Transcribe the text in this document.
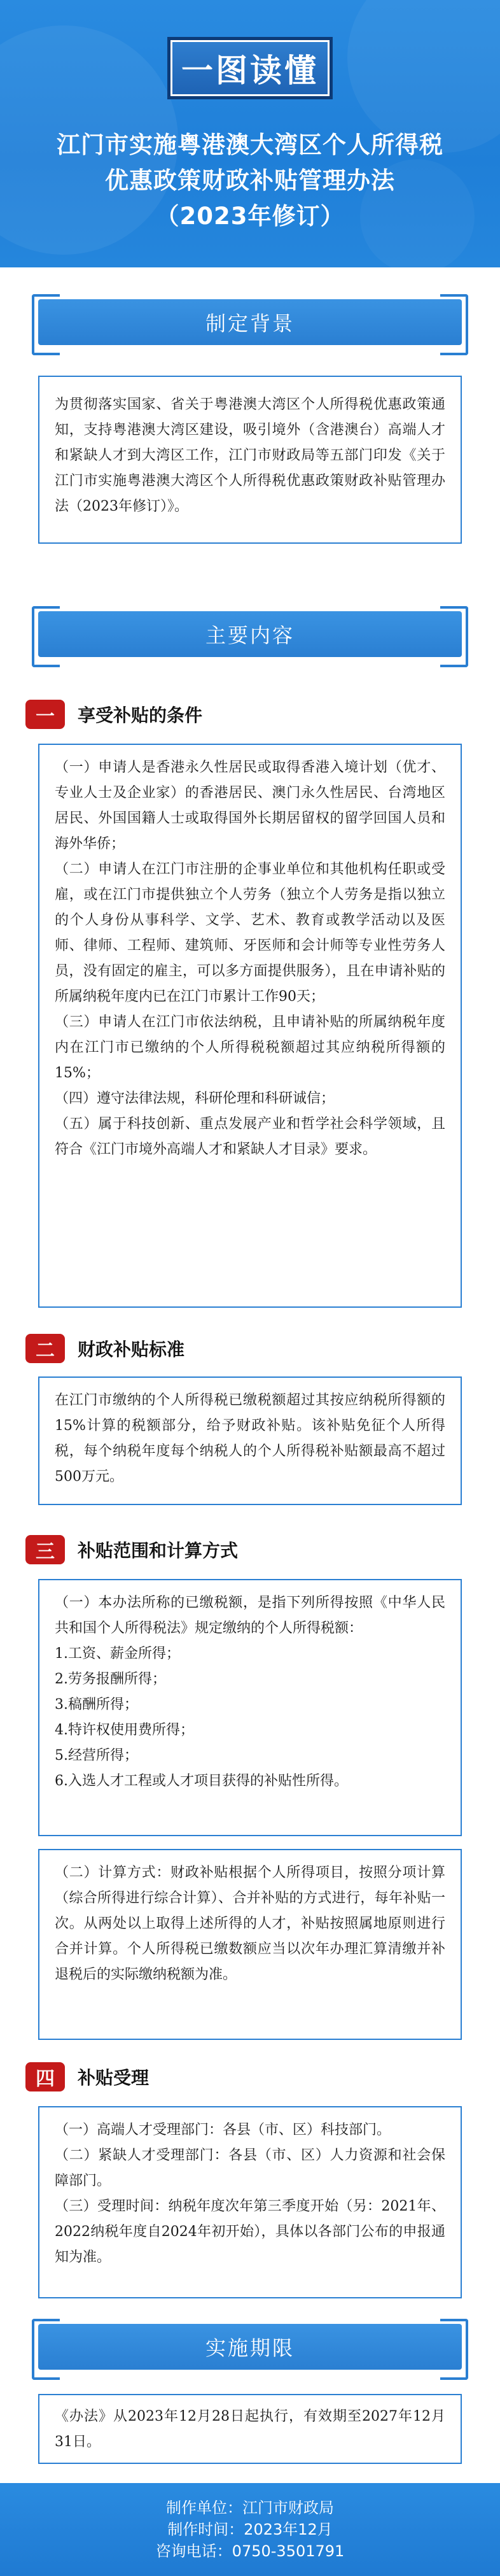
一图读懂
江门市实施粤港澳大湾区个人所得税
优惠政策财政补贴管理办法
（2023年修订）
制定背景

为贯彻落实国家、省关于粤港澳大湾区个人所得税优惠政策通知，支持粤港澳大湾区建设，吸引境外（含港澳台）高端人才和紧缺人才到大湾区工作，江门市财政局等五部门印发《关于江门市实施粤港澳大湾区个人所得税优惠政策财政补贴管理办法（2023年修订）》。

主要内容
一	享受补贴的条件

（一）申请人是香港永久性居民或取得香港入境计划（优才、专业人士及企业家）的香港居民、澳门永久性居民、台湾地区居民、外国国籍人士或取得国外长期居留权的留学回国人员和海外华侨；

（二）申请人在江门市注册的企事业单位和其他机构任职或受雇，或在江门市提供独立个人劳务（独立个人劳务是指以独立的个人身份从事科学、文学、艺术、教育或教学活动以及医师、律师、工程师、建筑师、牙医师和会计师等专业性劳务人员，没有固定的雇主，可以多方面提供服务），且在申请补贴的所属纳税年度内已在江门市累计工作90天；

（三）申请人在江门市依法纳税，且申请补贴的所属纳税年度内在江门市已缴纳的个人所得税税额超过其应纳税所得额的15%；

（四）遵守法律法规，科研伦理和科研诚信；

（五）属于科技创新、重点发展产业和哲学社会科学领域，且符合《江门市境外高端人才和紧缺人才目录》要求。

二	财政补贴标准

在江门市缴纳的个人所得税已缴税额超过其按应纳税所得额的15%计算的税额部分，给予财政补贴。该补贴免征个人所得税，每个纳税年度每个纳税人的个人所得税补贴额最高不超过500万元。

三	补贴范围和计算方式

（一）本办法所称的已缴税额，是指下列所得按照《中华人民共和国个人所得税法》规定缴纳的个人所得税额：

1.工资、薪金所得；

2.劳务报酬所得；

3.稿酬所得；

4.特许权使用费所得；

5.经营所得；

6.入选人才工程或人才项目获得的补贴性所得。

（二）计算方式：财政补贴根据个人所得项目，按照分项计算（综合所得进行综合计算）、合并补贴的方式进行，每年补贴一次。从两处以上取得上述所得的人才，补贴按照属地原则进行合并计算。个人所得税已缴数额应当以次年办理汇算清缴并补退税后的实际缴纳税额为准。

四	补贴受理

（一）高端人才受理部门：各县（市、区）科技部门。

（二）紧缺人才受理部门：各县（市、区）人力资源和社会保障部门。

（三）受理时间：纳税年度次年第三季度开始（另：2021年、2022纳税年度自2024年初开始），具体以各部门公布的申报通知为准。

实施期限

《办法》从2023年12月28日起执行，有效期至2027年12月31日。

制作单位：江门市财政局
制作时间：2023年12月
咨询电话：0750-3501791
